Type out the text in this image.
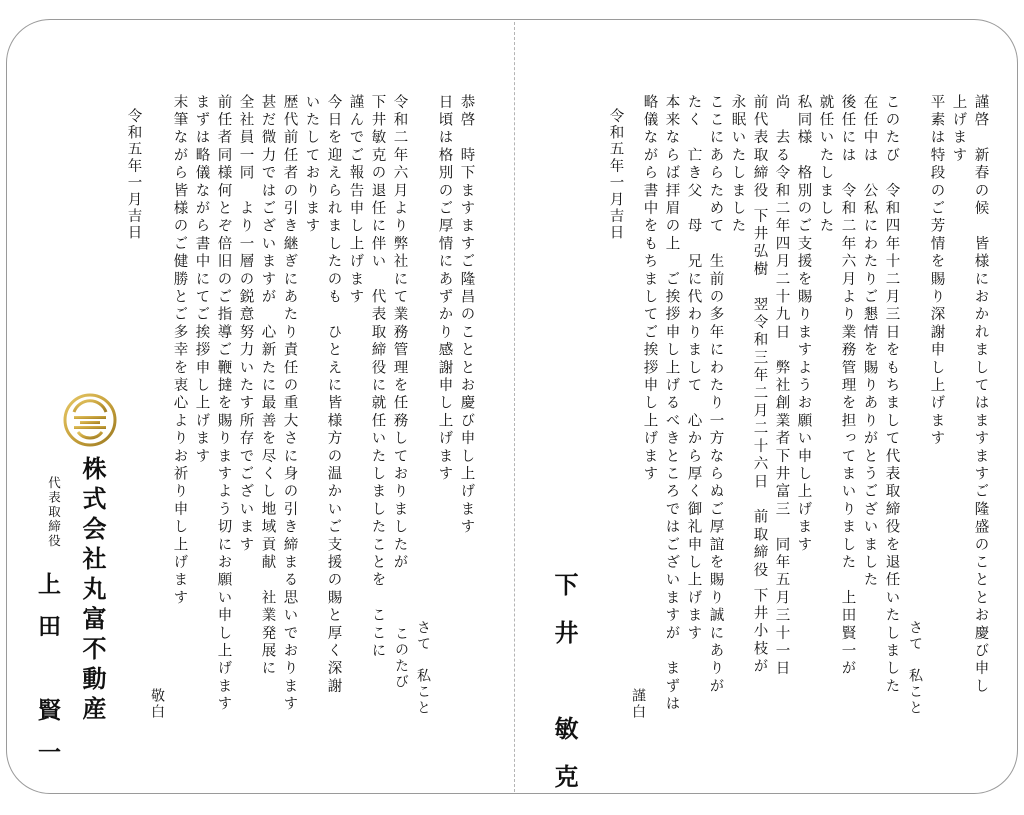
謹啓　新春の候　皆様におかれましてはますますご隆盛のこととお慶び申し
上げます
平素は特段のご芳情を賜り深謝申し上げます
さて　私こと
このたび　令和四年十二月三日をもちまして代表取締役を退任いたしました
在任中は　公私にわたりご懇情を賜りありがとうございました
後任には　令和二年六月より業務管理を担ってまいりました　上田賢一が
就任いたしました
私同様　格別のご支援を賜りますようお願い申し上げます
尚　去る令和二年四月二十九日　弊社創業者下井富三　同年五月三十一日
前代表取締役 下井弘樹　翌令和三年二月二十六日　前取締役 下井小枝が
永眠いたしました
ここにあらためて　生前の多年にわたり一方ならぬご厚誼を賜り誠にありが
たく　亡き父　母　兄に代わりまして　心から厚く御礼申し上げます
本来ならば拝眉の上　ご挨拶申し上げるべきところではございますが　まずは
略儀ながら書中をもちましてご挨拶申し上げます
謹白
令和五年一月吉日
下井　敏克
恭啓　時下ますますご隆昌のこととお慶び申し上げます
日頃は格別のご厚情にあずかり感謝申し上げます
さて　私こと
このたび
令和二年六月より弊社にて業務管理を任務しておりましたが
下井敏克の退任に伴い　代表取締役に就任いたしましたことを　ここに
謹んでご報告申し上げます
今日を迎えられましたのも　ひとえに皆様方の温かいご支援の賜と厚く深謝
いたしております
歴代前任者の引き継ぎにあたり責任の重大さに身の引き締まる思いでおります
甚だ微力ではございますが　心新たに最善を尽くし地域貢献　社業発展に
全社員一同　より一層の鋭意努力いたす所存でございます
前任者同様何とぞ倍旧のご指導ご鞭撻を賜りますよう切にお願い申し上げます
まずは略儀ながら書中にてご挨拶申し上げます
末筆ながら皆様のご健勝とご多幸を衷心よりお祈り申し上げます
敬白
令和五年一月吉日
株式会社丸富不動産
代表取締役
上田　賢一
